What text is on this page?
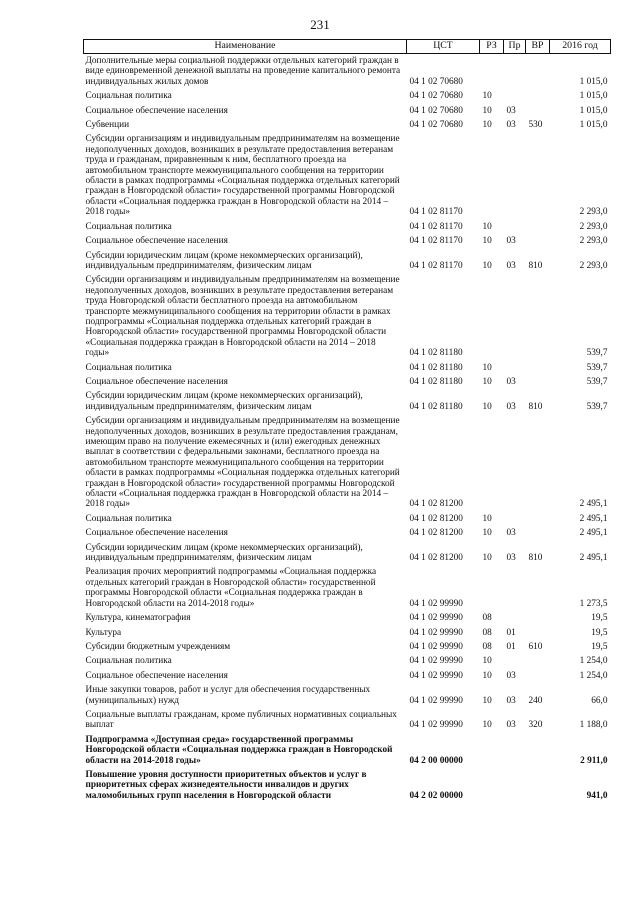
231
Наименование	ЦСТ	РЗ	Пр	ВР	2016 год
Дополнительные меры социальной поддержки отдельных категорий граждан в виде единовременной денежной выплаты на проведение капитального ремонта индивидуальных жилых домов	04 1 02 70680				1 015,0
Социальная политика	04 1 02 70680	10			1 015,0
Социальное обеспечение населения	04 1 02 70680	10	03		1 015,0
Субвенции	04 1 02 70680	10	03	530	1 015,0
Субсидии организациям и индивидуальным предпринимателям на возмещение недополученных доходов, возникших в результате предоставления ветеранам труда и гражданам, приравненным к ним, бесплатного проезда на автомобильном транспорте межмуниципального сообщения на территории области в рамках подпрограммы «Социальная поддержка отдельных категорий граждан в Новгородской области» государственной программы Новгородской области «Социальная поддержка граждан в Новгородской области на 2014 – 2018 годы»	04 1 02 81170				2 293,0
Социальная политика	04 1 02 81170	10			2 293,0
Социальное обеспечение населения	04 1 02 81170	10	03		2 293,0
Субсидии юридическим лицам (кроме некоммерческих организаций), индивидуальным предпринимателям, физическим лицам	04 1 02 81170	10	03	810	2 293,0
Субсидии организациям и индивидуальным предпринимателям на возмещение недополученных доходов, возникших в результате предоставления ветеранам труда Новгородской области бесплатного проезда на автомобильном транспорте межмуниципального сообщения на территории области в рамках подпрограммы «Социальная поддержка отдельных категорий граждан в Новгородской области» государственной программы Новгородской области «Социальная поддержка граждан в Новгородской области на 2014 – 2018 годы»	04 1 02 81180				539,7
Социальная политика	04 1 02 81180	10			539,7
Социальное обеспечение населения	04 1 02 81180	10	03		539,7
Субсидии юридическим лицам (кроме некоммерческих организаций), индивидуальным предпринимателям, физическим лицам	04 1 02 81180	10	03	810	539,7
Субсидии организациям и индивидуальным предпринимателям на возмещение недополученных доходов, возникших в результате предоставления гражданам, имеющим право на получение ежемесячных и (или) ежегодных денежных выплат в соответствии с федеральными законами, бесплатного проезда на автомобильном транспорте межмуниципального сообщения на территории области в рамках подпрограммы «Социальная поддержка отдельных категорий граждан в Новгородской области» государственной программы Новгородской области «Социальная поддержка граждан в Новгородской области на 2014 – 2018 годы»	04 1 02 81200				2 495,1
Социальная политика	04 1 02 81200	10			2 495,1
Социальное обеспечение населения	04 1 02 81200	10	03		2 495,1
Субсидии юридическим лицам (кроме некоммерческих организаций), индивидуальным предпринимателям, физическим лицам	04 1 02 81200	10	03	810	2 495,1
Реализация прочих мероприятий подпрограммы «Социальная поддержка отдельных категорий граждан в Новгородской области» государственной программы Новгородской области «Социальная поддержка граждан в Новгородской области на 2014-2018 годы»	04 1 02 99990				1 273,5
Культура, кинематография	04 1 02 99990	08			19,5
Культура	04 1 02 99990	08	01		19,5
Субсидии бюджетным учреждениям	04 1 02 99990	08	01	610	19,5
Социальная политика	04 1 02 99990	10			1 254,0
Социальное обеспечение населения	04 1 02 99990	10	03		1 254,0
Иные закупки товаров, работ и услуг для обеспечения государственных (муниципальных) нужд	04 1 02 99990	10	03	240	66,0
Социальные выплаты гражданам, кроме публичных нормативных социальных выплат	04 1 02 99990	10	03	320	1 188,0
Подпрограмма «Доступная среда» государственной программы Новгородской области «Социальная поддержка граждан в Новгородской области на 2014-2018 годы»	04 2 00 00000				2 911,0
Повышение уровня доступности приоритетных объектов и услуг в приоритетных сферах жизнедеятельности инвалидов и других маломобильных групп населения в Новгородской области	04 2 02 00000				941,0
